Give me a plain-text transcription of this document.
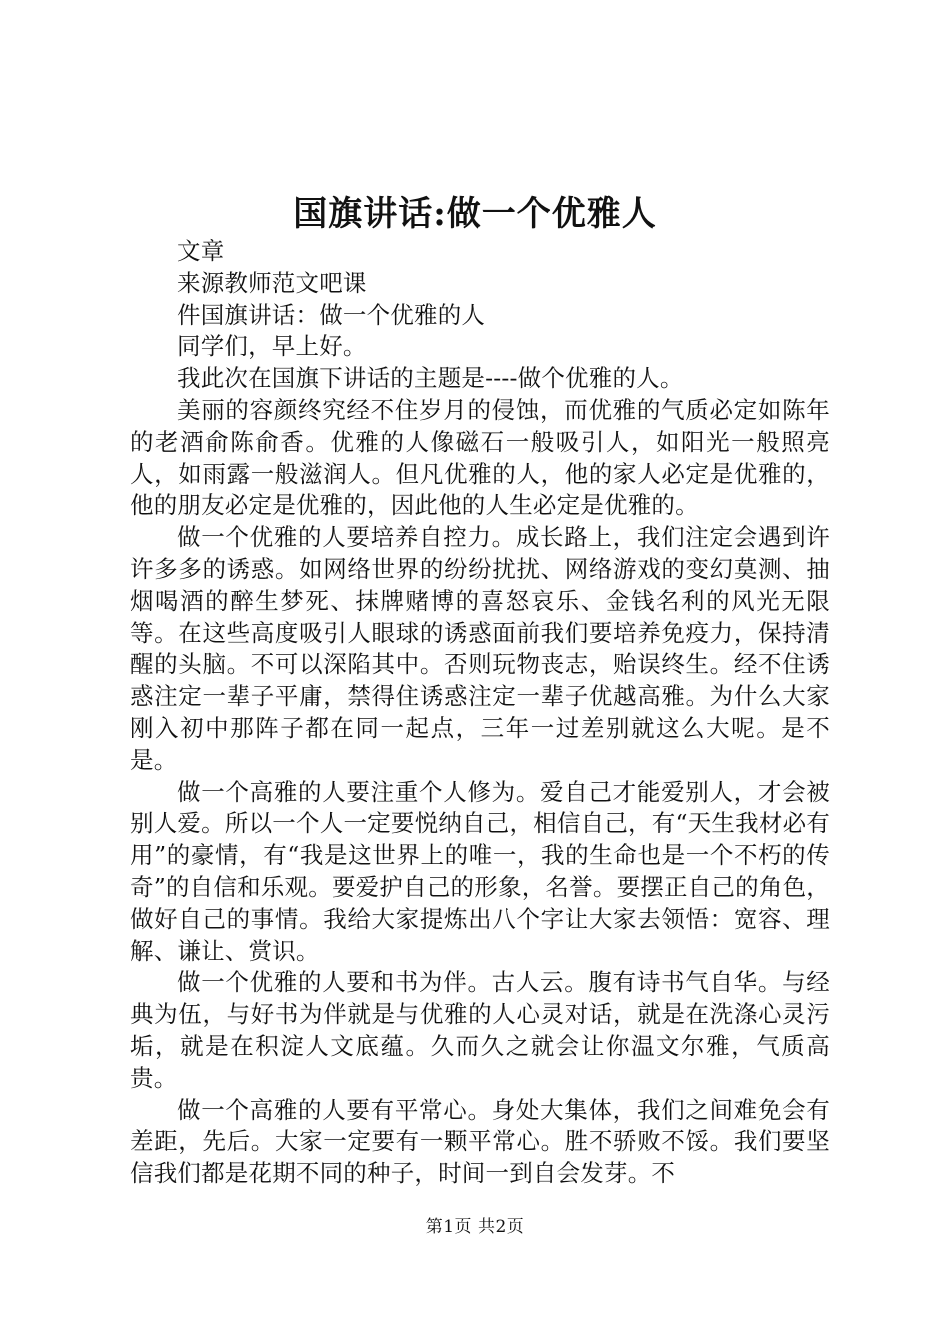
国旗讲话:做一个优雅人

文章

来源教师范文吧课

件国旗讲话：做一个优雅的人

同学们，早上好。

我此次在国旗下讲话的主题是----做个优雅的人。

美丽的容颜终究经不住岁月的侵蚀，而优雅的气质必定如陈年的老酒俞陈俞香。优雅的人像磁石一般吸引人，如阳光一般照亮人，如雨露一般滋润人。但凡优雅的人，他的家人必定是优雅的，他的朋友必定是优雅的，因此他的人生必定是优雅的。

做一个优雅的人要培养自控力。成长路上，我们注定会遇到许许多多的诱惑。如网络世界的纷纷扰扰、网络游戏的变幻莫测、抽烟喝酒的醉生梦死、抹牌赌博的喜怒哀乐、金钱名利的风光无限等。在这些高度吸引人眼球的诱惑面前我们要培养免疫力，保持清醒的头脑。不可以深陷其中。否则玩物丧志，贻误终生。经不住诱惑注定一辈子平庸，禁得住诱惑注定一辈子优越高雅。为什么大家刚入初中那阵子都在同一起点，三年一过差别就这么大呢。是不是。

做一个高雅的人要注重个人修为。爱自己才能爱别人，才会被别人爱。所以一个人一定要悦纳自己，相信自己，有“天生我材必有用”的豪情，有“我是这世界上的唯一，我的生命也是一个不朽的传奇”的自信和乐观。要爱护自己的形象，名誉。要摆正自己的角色，做好自己的事情。我给大家提炼出八个字让大家去领悟：宽容、理解、谦让、赏识。

做一个优雅的人要和书为伴。古人云。腹有诗书气自华。与经典为伍，与好书为伴就是与优雅的人心灵对话，就是在洗涤心灵污垢，就是在积淀人文底蕴。久而久之就会让你温文尔雅，气质高贵。

做一个高雅的人要有平常心。身处大集体，我们之间难免会有差距，先后。大家一定要有一颗平常心。胜不骄败不馁。我们要坚信我们都是花期不同的种子，时间一到自会发芽。不

第1页 共2页
